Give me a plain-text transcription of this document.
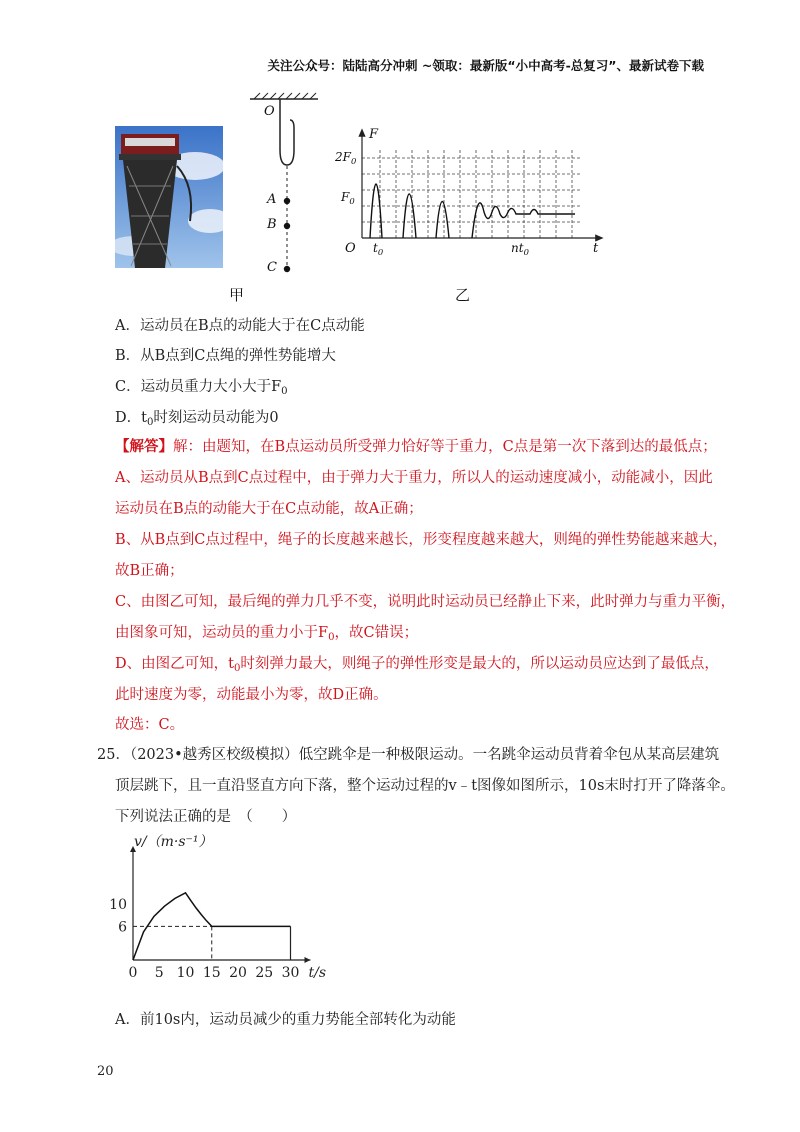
关注公众号：陆陆高分冲刺 ~领取：最新版“小中高考-总复习”、最新试卷下载
O
A
B
C
甲
F
$2F_0$
$F_0$
O $t_0$	$nt_0$	t
乙
A．运动员在B点的动能大于在C点动能
B．从B点到C点绳的弹性势能增大
C．运动员重力大小大于$F_0$
D．$t_0$时刻运动员动能为0
【解答】解：由题知，在B点运动员所受弹力恰好等于重力，C点是第一次下落到达的最低点；
A、运动员从B点到C点过程中，由于弹力大于重力，所以人的运动速度减小，动能减小，因此
运动员在B点的动能大于在C点动能，故A正确；
B、从B点到C点过程中，绳子的长度越来越长，形变程度越来越大，则绳的弹性势能越来越大，
故B正确；
C、由图乙可知，最后绳的弹力几乎不变，说明此时运动员已经静止下来，此时弹力与重力平衡，
由图象可知，运动员的重力小于$F_0$，故C错误；
D、由图乙可知，$t_0$时刻弹力最大，则绳子的弹性形变是最大的，所以运动员应达到了最低点，
此时速度为零，动能最小为零，故D正确。
故选：C。
25．（2023•越秀区校级模拟）低空跳伞是一种极限运动。一名跳伞运动员背着伞包从某高层建筑
顶层跳下，且一直沿竖直方向下落，整个运动过程的v﹣t图像如图所示，10s末时打开了降落伞。
下列说法正确的是　（　　）
0 5 10 15 20 25 30
6
10
v/（m·s⁻¹）
t/s
A．前10s内，运动员减少的重力势能全部转化为动能
20
